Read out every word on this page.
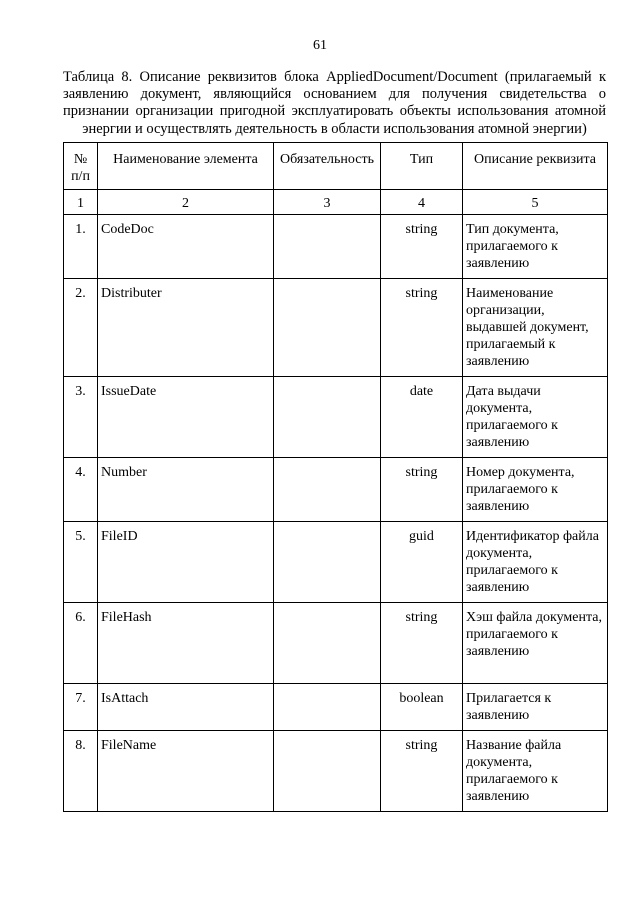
61
Таблица 8. Описание реквизитов блока AppliedDocument/Document (прилагаемый к заявлению документ, являющийся основанием для получения свидетельства о признании организации пригодной эксплуатировать объекты использования атомной энергии и осуществлять деятельность в области использования атомной энергии)
№ п/п	Наименование элемента	Обязательность	Тип	Описание реквизита
1	2	3	4	5
1.	CodeDoc		string	Тип документа, прилагаемого к заявлению
2.	Distributer		string	Наименование организации, выдавшей документ, прилагаемый к заявлению
3.	IssueDate		date	Дата выдачи документа, прилагаемого к заявлению
4.	Number		string	Номер документа, прилагаемого к заявлению
5.	FileID		guid	Идентификатор файла документа, прилагаемого к заявлению
6.	FileHash		string	Хэш файла документа, прилагаемого к заявлению
7.	IsAttach		boolean	Прилагается к заявлению
8.	FileName		string	Название файла документа, прилагаемого к заявлению
